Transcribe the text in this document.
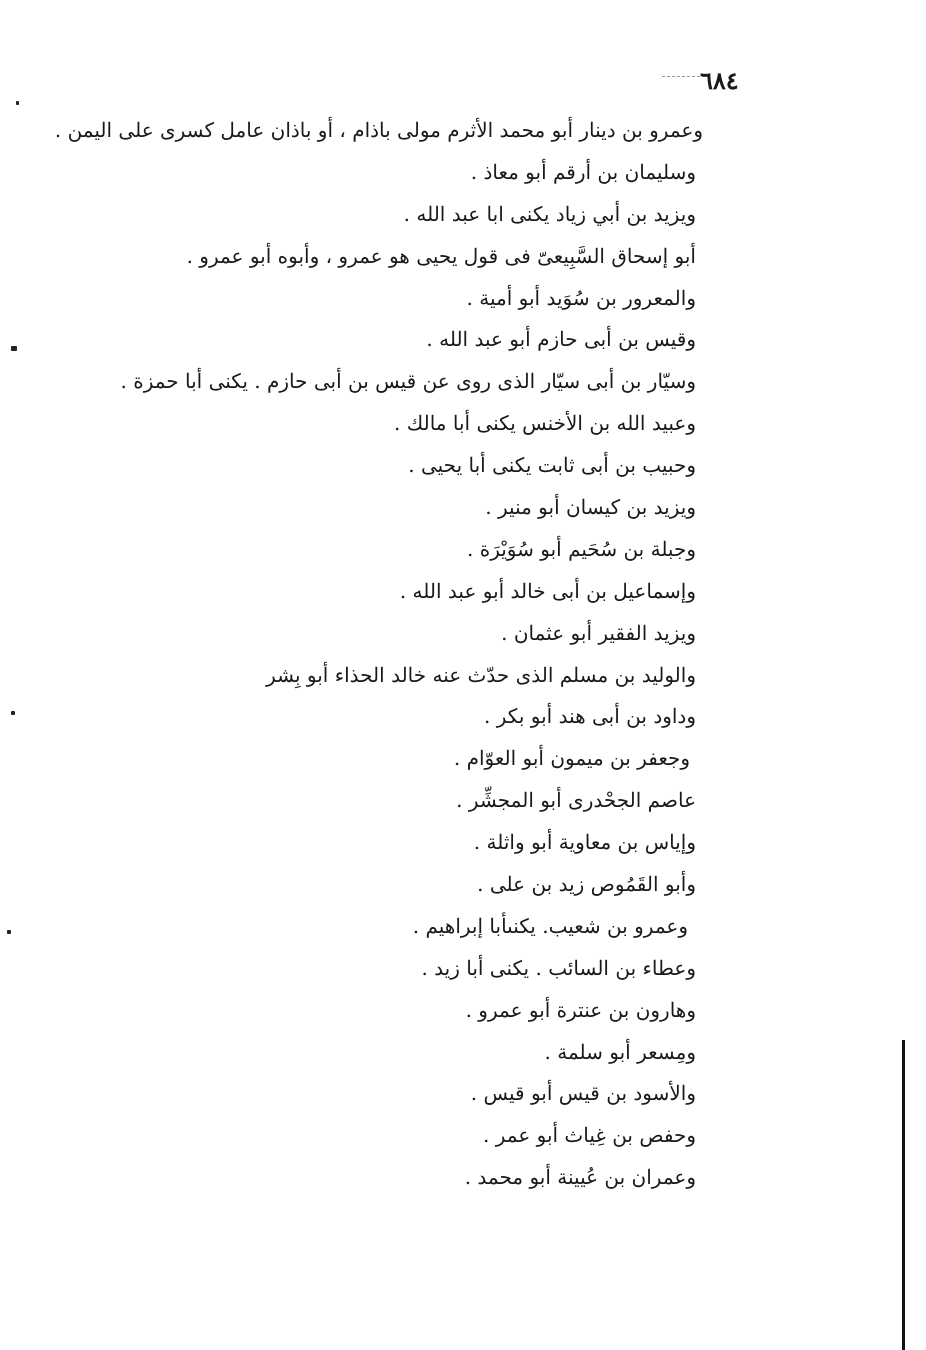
٦٨٤
وعمرو بن دينار أبو محمد الأثرم مولى باذام ، أو باذان عامل كسرى على اليمن .
وسليمان بن أرقم أبو معاذ .
ويزيد بن أبي زياد يكنى ابا عبد الله .
أبو إسحاق السَّبِيعىّ فى قول يحيى هو عمرو ، وأبوه أبو عمرو .
والمعرور بن سُوَيد أبو أمية .
وقيس بن أبى حازم أبو عبد الله .
وسيّار بن أبى سيّار الذى روى عن قيس بن أبى حازم . يكنى أبا حمزة .
وعبيد الله بن الأخنس يكنى أبا مالك .
وحبيب بن أبى ثابت يكنى أبا يحيى .
ويزيد بن كيسان أبو منير .
وجبلة بن سُحَيم أبو سُوَيْرَة .
وإسماعيل بن أبى خالد أبو عبد الله .
ويزيد الفقير أبو عثمان .
والوليد بن مسلم الذى حدّث عنه خالد الحذاء أبو بِشر
وداود بن أبى هند أبو بكر .
وجعفر بن ميمون أبو العوّام .
عاصم الجحْدرى أبو المجشِّر .
وإياس بن معاوية أبو واثلة .
وأبو القَمُوص زيد بن على .
وعمرو بن شعيب. يكنىأبا إبراهيم .
وعطاء بن السائب . يكنى أبا زيد .
وهارون بن عنترة أبو عمرو .
ومِسعر أبو سلمة .
والأسود بن قيس أبو قيس .
وحفص بن غِياث أبو عمر .
وعمران بن عُيينة أبو محمد .
